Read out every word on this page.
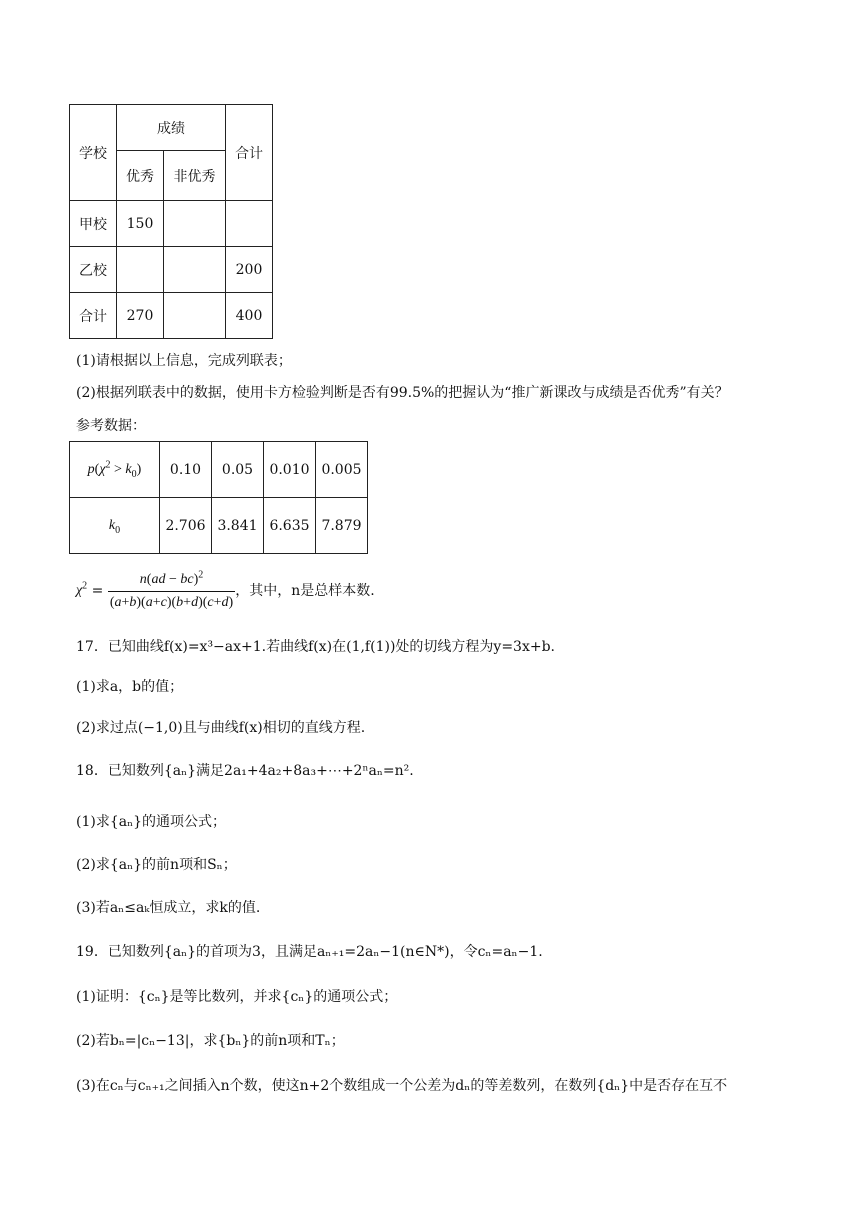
学校	成绩		合计
	优秀	非优秀	
甲校	150		
乙校			200
合计	270		400
(1)请根据以上信息，完成列联表；
(2)根据列联表中的数据，使用卡方检验判断是否有99.5%的把握认为“推广新课改与成绩是否优秀”有关？
参考数据：
$p(\chi^2 > k_0)$	0.10	0.05	0.010	0.005
$k_0$	2.706	3.841	6.635	7.879
$\chi^2 = \frac{n(ad - bc)^2}{(a+b)(a+c)(b+d)(c+d)}$ ，其中，n是总样本数.
17．已知曲线f(x)=x³−ax+1.若曲线f(x)在(1,f(1))处的切线方程为y=3x+b.
(1)求a，b的值；
(2)求过点(−1,0)且与曲线f(x)相切的直线方程.
18．已知数列{aₙ}满足2a₁+4a₂+8a₃+⋯+2ⁿaₙ=n².
(1)求{aₙ}的通项公式；
(2)求{aₙ}的前n项和Sₙ；
(3)若aₙ≤aₖ恒成立，求k的值.
19．已知数列{aₙ}的首项为3，且满足aₙ₊₁=2aₙ−1(n∈N*)，令cₙ=aₙ−1.
(1)证明：{cₙ}是等比数列，并求{cₙ}的通项公式；
(2)若bₙ=|cₙ−13|，求{bₙ}的前n项和Tₙ；
(3)在cₙ与cₙ₊₁之间插入n个数，使这n+2个数组成一个公差为dₙ的等差数列，在数列{dₙ}中是否存在互不
